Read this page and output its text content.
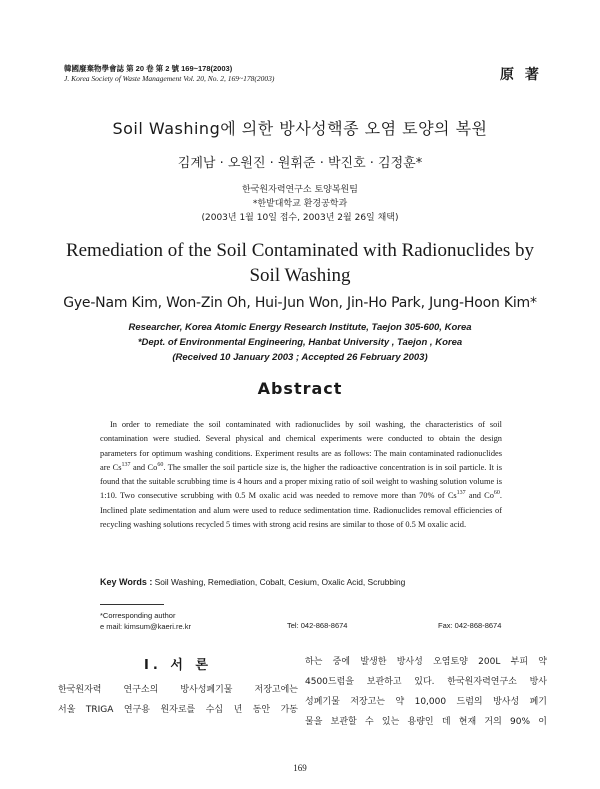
韓國廢棄物學會誌 第 20 卷 第 2 號 169~178(2003)
J. Korea Society of Waste Management Vol. 20, No. 2, 169~178(2003)	原 著
Soil Washing에 의한 방사성핵종 오염 토양의 복원
김계남 · 오원진 · 원휘준 · 박진호 · 김정훈*
한국원자력연구소 토양복원팀
*한밭대학교 환경공학과
(2003년 1월 10일 접수, 2003년 2월 26일 채택)
Remediation of the Soil Contaminated with Radionuclides by
Soil Washing
Gye-Nam Kim, Won-Zin Oh, Hui-Jun Won, Jin-Ho Park, Jung-Hoon Kim*
Researcher, Korea Atomic Energy Research Institute, Taejon 305-600, Korea
*Dept. of Environmental Engineering, Hanbat University , Taejon , Korea
(Received 10 January 2003 ; Accepted 26 February 2003)
Abstract

In order to remediate the soil contaminated with radionuclides by soil washing, the characteristics of soil contamination were studied. Several physical and chemical experiments were conducted to obtain the design parameters for optimum washing conditions. Experiment results are as follows: The main contaminated radionuclides are Cs$^{137}$ and Co$^{60}$. The smaller the soil particle size is, the higher the radioactive concentration is in soil particle. It is found that the suitable scrubbing time is 4 hours and a proper mixing ratio of soil weight to washing solution volume is 1:10. Two consecutive scrubbing with 0.5 M oxalic acid was needed to remove more than 70% of Cs$^{137}$ and Co$^{60}$. Inclined plate sedimentation and alum were used to reduce sedimentation time. Radionuclides removal efficiencies of recycling washing solutions recycled 5 times with strong acid resins are similar to those of 0.5 M oxalic acid.

Key Words : Soil Washing, Remediation, Cobalt, Cesium, Oxalic Acid, Scrubbing
*Corresponding author
e mail: kimsum@kaeri.re.kr	Tel: 042-868-8674	Fax: 042-868-8674
Ⅰ. 서 론

한국원자력 연구소의 방사성폐기물 저장고에는

서울 TRIGA 연구용 원자로를 수십 년 동안 가동

하는 중에 발생한 방사성 오염토양 200L 부피 약

4500드럼을 보관하고 있다. 한국원자력연구소 방사

성폐기물 저장고는 약 10,000 드럼의 방사성 폐기

물을 보관할 수 있는 용량인 데 현재 거의 90% 이

169
